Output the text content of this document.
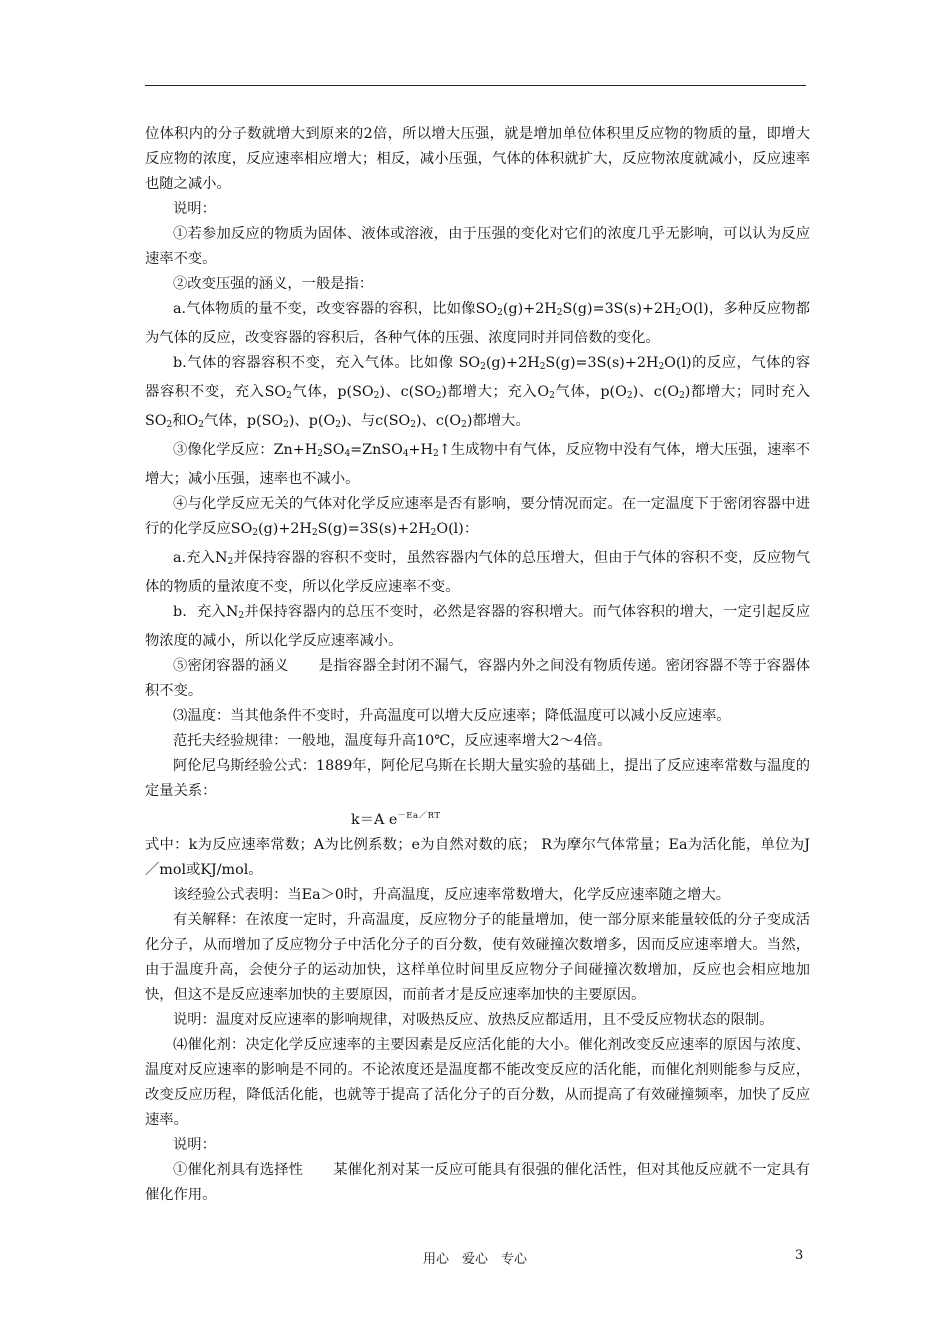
位体积内的分子数就增大到原来的2倍，所以增大压强，就是增加单位体积里反应物的物质的量，即增大反应物的浓度，反应速率相应增大；相反，减小压强，气体的体积就扩大，反应物浓度就减小，反应速率也随之减小。

说明：

①若参加反应的物质为固体、液体或溶液，由于压强的变化对它们的浓度几乎无影响，可以认为反应速率不变。

②改变压强的涵义，一般是指：

a.气体物质的量不变，改变容器的容积，比如像$SO_2(g)+2H_2S(g)=3S(s)+2H_2O(l)$，多种反应物都为气体的反应，改变容器的容积后，各种气体的压强、浓度同时并同倍数的变化。

b.气体的容器容积不变，充入气体。比如像 $SO_2(g)+2H_2S(g)=3S(s)+2H_2O(l)$的反应，气体的容器容积不变，充入$SO_2$气体，$p(SO_2)$、$c(SO_2)$都增大；充入$O_2$气体，$p(O_2)$、$c(O_2)$都增大；同时充入$SO_2$和$O_2$气体，$p(SO_2)$、$p(O_2)$、与$c(SO_2)$、$c(O_2)$都增大。

③像化学反应：$Zn+H_2SO_4=ZnSO_4+H_2↑$生成物中有气体，反应物中没有气体，增大压强，速率不增大；减小压强，速率也不减小。

④与化学反应无关的气体对化学反应速率是否有影响，要分情况而定。在一定温度下于密闭容器中进行的化学反应$SO_2(g)+2H_2S(g)=3S(s)+2H_2O(l)$：

a.充入$N_2$并保持容器的容积不变时，虽然容器内气体的总压增大，但由于气体的容积不变，反应物气体的物质的量浓度不变，所以化学反应速率不变。

b．充入$N_2$并保持容器内的总压不变时，必然是容器的容积增大。而气体容积的增大，一定引起反应物浓度的减小，所以化学反应速率减小。

⑤密闭容器的涵义 是指容器全封闭不漏气，容器内外之间没有物质传递。密闭容器不等于容器体积不变。

⑶温度：当其他条件不变时，升高温度可以增大反应速率；降低温度可以减小反应速率。

范托夫经验规律：一般地，温度每升高10℃，反应速率增大2～4倍。

阿伦尼乌斯经验公式：1889年，阿伦尼乌斯在长期大量实验的基础上，提出了反应速率常数与温度的定量关系：

k＝A $e^{-Ea/RT}$

式中：k为反应速率常数；A为比例系数；e为自然对数的底； R为摩尔气体常量；Ea为活化能，单位为J／mol或KJ/mol。

该经验公式表明：当Ea＞0时，升高温度，反应速率常数增大，化学反应速率随之增大。

有关解释：在浓度一定时，升高温度，反应物分子的能量增加，使一部分原来能量较低的分子变成活化分子，从而增加了反应物分子中活化分子的百分数，使有效碰撞次数增多，因而反应速率增大。当然，由于温度升高，会使分子的运动加快，这样单位时间里反应物分子间碰撞次数增加，反应也会相应地加快，但这不是反应速率加快的主要原因，而前者才是反应速率加快的主要原因。

说明：温度对反应速率的影响规律，对吸热反应、放热反应都适用，且不受反应物状态的限制。

⑷催化剂：决定化学反应速率的主要因素是反应活化能的大小。催化剂改变反应速率的原因与浓度、温度对反应速率的影响是不同的。不论浓度还是温度都不能改变反应的活化能，而催化剂则能参与反应，改变反应历程，降低活化能，也就等于提高了活化分子的百分数，从而提高了有效碰撞频率，加快了反应速率。

说明：

①催化剂具有选择性 某催化剂对某一反应可能具有很强的催化活性，但对其他反应就不一定具有催化作用。

用心　爱心　专心	3
